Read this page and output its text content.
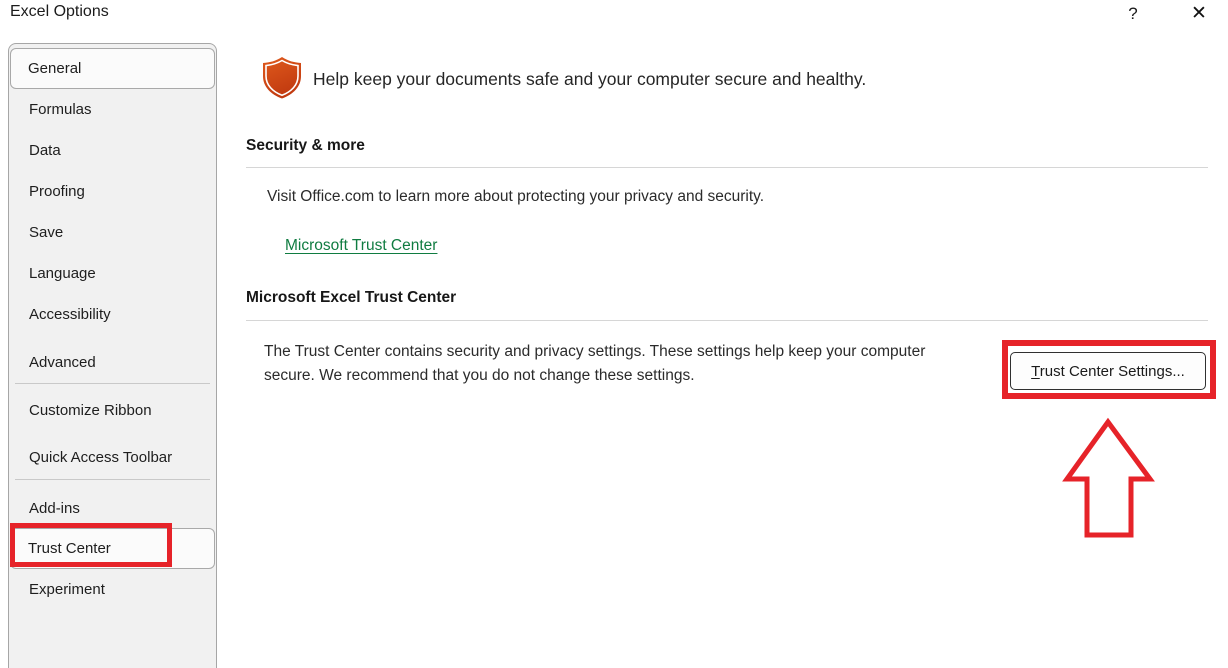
Excel Options	?	✕
General
Formulas
Data
Proofing
Save
Language
Accessibility
Advanced
Customize Ribbon
Quick Access Toolbar
Add-ins
Trust Center
Experiment
Help keep your documents safe and your computer secure and healthy.
Security & more
Visit Office.com to learn more about protecting your privacy and security.
Microsoft Trust Center
Microsoft Excel Trust Center
The Trust Center contains security and privacy settings. These settings help keep your computer secure. We recommend that you do not change these settings.	Trust Center Settings...
